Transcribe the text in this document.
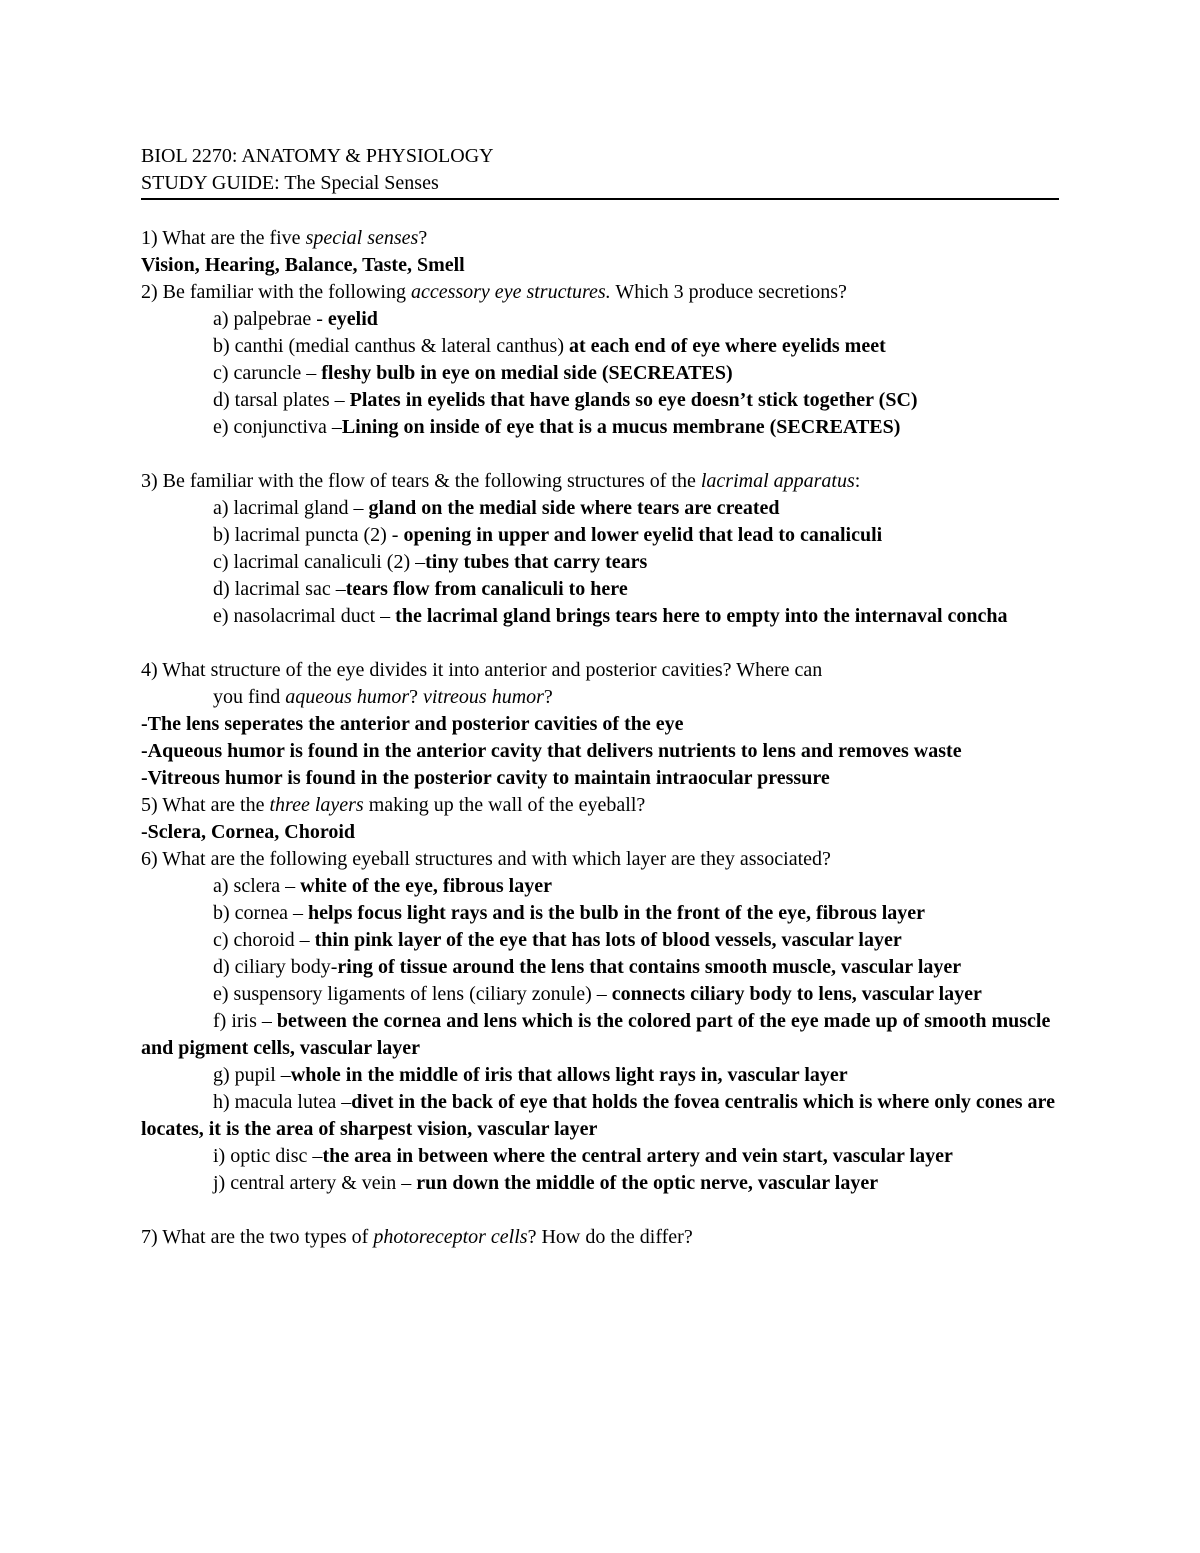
BIOL 2270: ANATOMY & PHYSIOLOGY
STUDY GUIDE: The Special Senses
1) What are the five special senses?
Vision, Hearing, Balance, Taste, Smell
2) Be familiar with the following accessory eye structures. Which 3 produce secretions?
a) palpebrae - eyelid
b) canthi (medial canthus & lateral canthus) at each end of eye where eyelids meet
c) caruncle – fleshy bulb in eye on medial side (SECREATES)
d) tarsal plates – Plates in eyelids that have glands so eye doesn’t stick together (SC)
e) conjunctiva –Lining on inside of eye that is a mucus membrane (SECREATES)
3) Be familiar with the flow of tears & the following structures of the lacrimal apparatus:
a) lacrimal gland – gland on the medial side where tears are created
b) lacrimal puncta (2) - opening in upper and lower eyelid that lead to canaliculi
c) lacrimal canaliculi (2) –tiny tubes that carry tears
d) lacrimal sac –tears flow from canaliculi to here
e) nasolacrimal duct – the lacrimal gland brings tears here to empty into the internaval concha
4) What structure of the eye divides it into anterior and posterior cavities? Where can
you find aqueous humor? vitreous humor?
-The lens seperates the anterior and posterior cavities of the eye
-Aqueous humor is found in the anterior cavity that delivers nutrients to lens and removes waste
-Vitreous humor is found in the posterior cavity to maintain intraocular pressure
5) What are the three layers making up the wall of the eyeball?
-Sclera, Cornea, Choroid
6) What are the following eyeball structures and with which layer are they associated?
a) sclera – white of the eye, fibrous layer
b) cornea – helps focus light rays and is the bulb in the front of the eye, fibrous layer
c) choroid – thin pink layer of the eye that has lots of blood vessels, vascular layer
d) ciliary body-ring of tissue around the lens that contains smooth muscle, vascular layer
e) suspensory ligaments of lens (ciliary zonule) – connects ciliary body to lens, vascular layer
f) iris – between the cornea and lens which is the colored part of the eye made up of smooth muscle and pigment cells, vascular layer
g) pupil –whole in the middle of iris that allows light rays in, vascular layer
h) macula lutea –divet in the back of eye that holds the fovea centralis which is where only cones are locates, it is the area of sharpest vision, vascular layer
i) optic disc –the area in between where the central artery and vein start, vascular layer
j) central artery & vein – run down the middle of the optic nerve, vascular layer
7) What are the two types of photoreceptor cells? How do the differ?
